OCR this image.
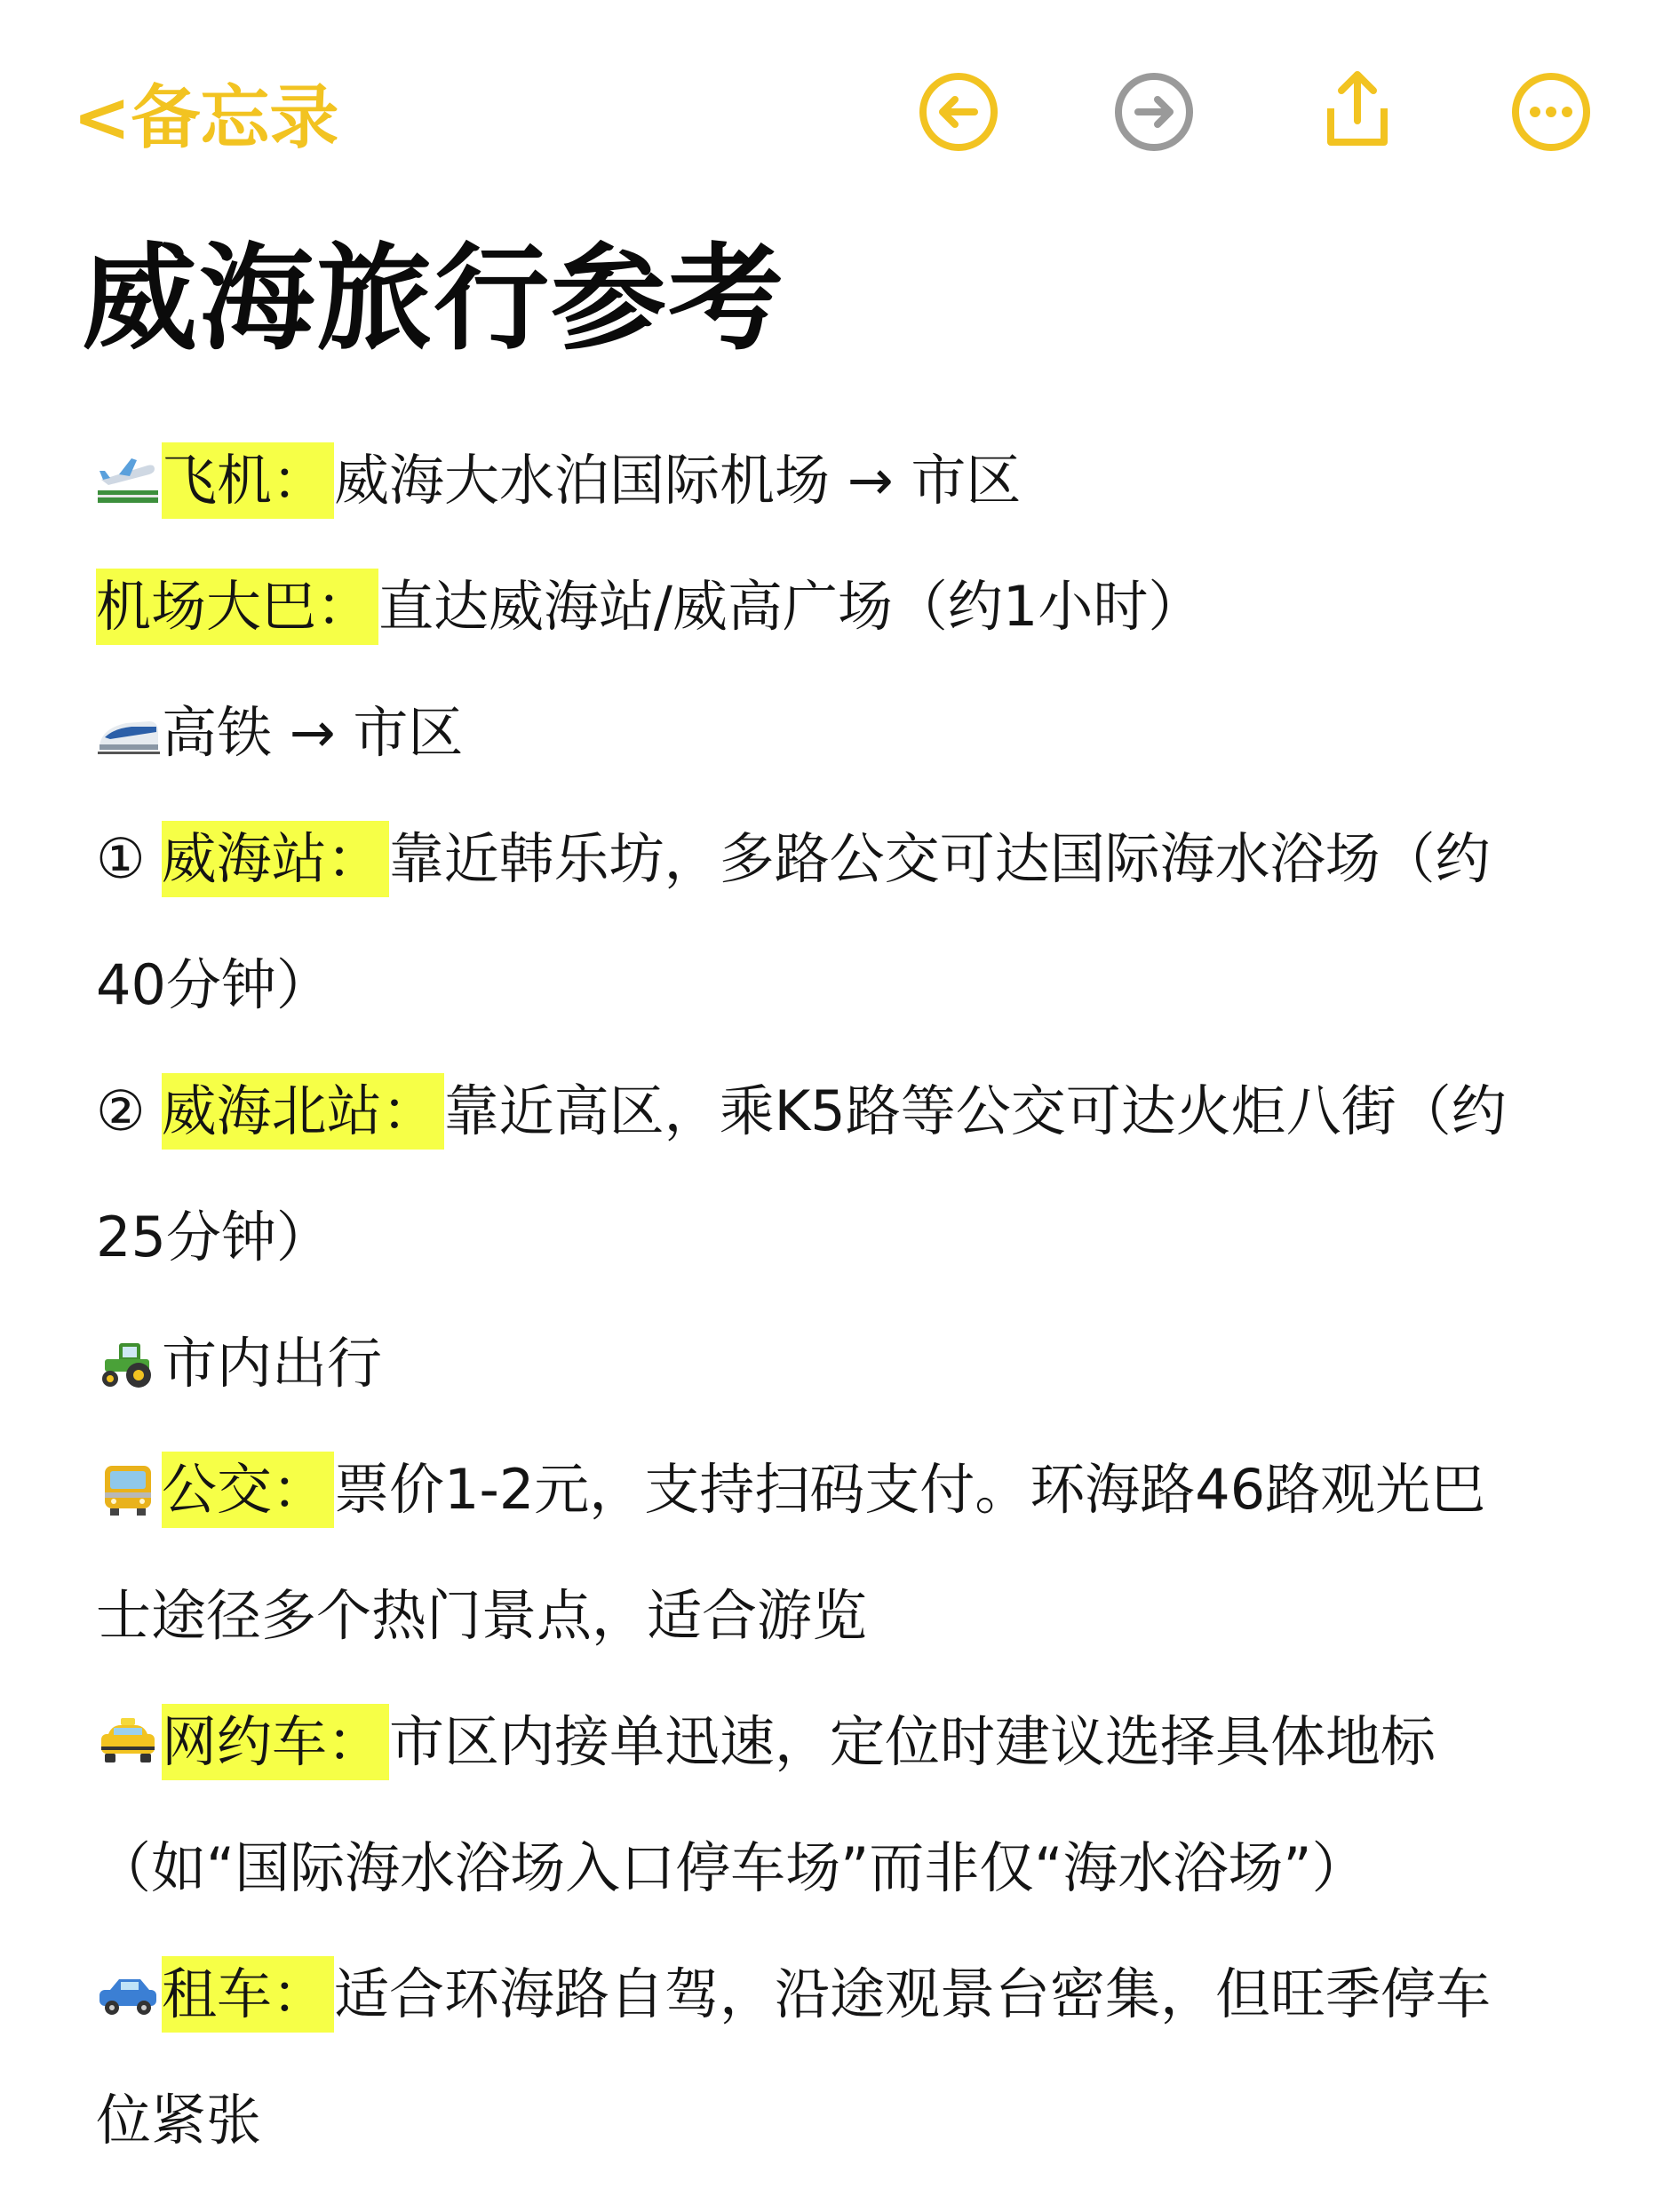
<备忘录
威海旅行参考
飞机： 威海大水泊国际机场 → 市区
机场大巴： 直达威海站/威高广场（约1小时）
高铁 → 市区
① 威海站： 靠近韩乐坊，多路公交可达国际海水浴场（约
40分钟）
② 威海北站： 靠近高区，乘K5路等公交可达火炬八街（约
25分钟）
市内出行
公交： 票价1-2元，支持扫码支付。环海路46路观光巴
士途径多个热门景点，适合游览
网约车： 市区内接单迅速，定位时建议选择具体地标
（如“国际海水浴场入口停车场”而非仅“海水浴场”）
租车： 适合环海路自驾，沿途观景台密集，但旺季停车
位紧张
